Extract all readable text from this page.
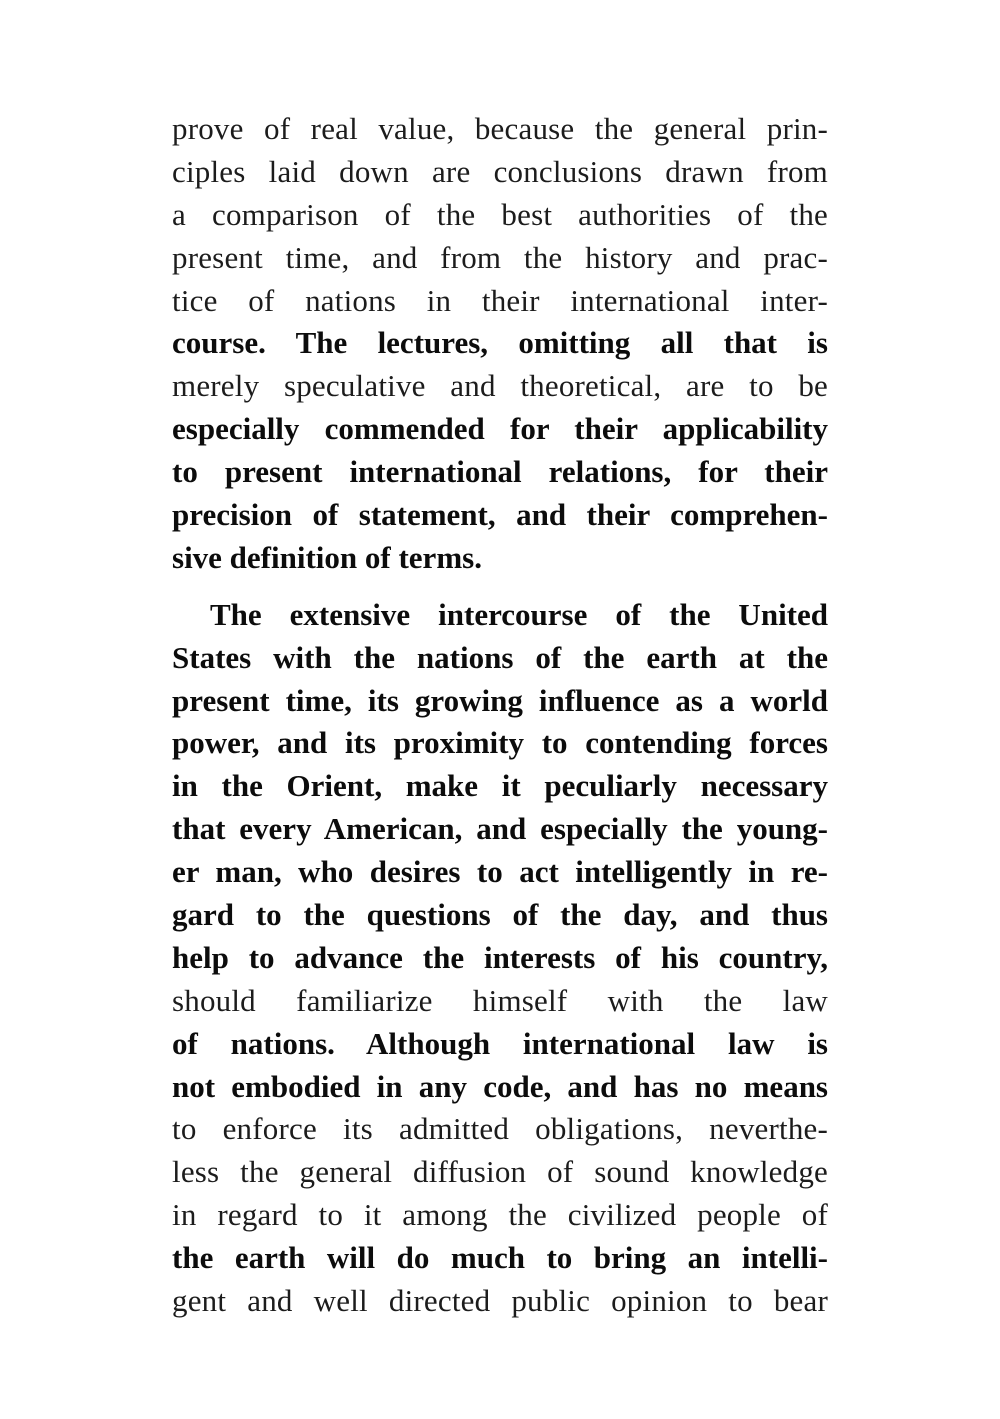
prove of real value, because the general prin-
ciples laid down are conclusions drawn from
a comparison of the best authorities of the
present time, and from the history and prac-
tice of nations in their international inter-
course. The lectures, omitting all that is
merely speculative and theoretical, are to be
especially commended for their applicability
to present international relations, for their
precision of statement, and their comprehen-
sive definition of terms.
The extensive intercourse of the United
States with the nations of the earth at the
present time, its growing influence as a world
power, and its proximity to contending forces
in the Orient, make it peculiarly necessary
that every American, and especially the young-
er man, who desires to act intelligently in re-
gard to the questions of the day, and thus
help to advance the interests of his country,
should familiarize himself with the law
of nations. Although international law is
not embodied in any code, and has no means
to enforce its admitted obligations, neverthe-
less the general diffusion of sound knowledge
in regard to it among the civilized people of
the earth will do much to bring an intelli-
gent and well directed public opinion to bear
